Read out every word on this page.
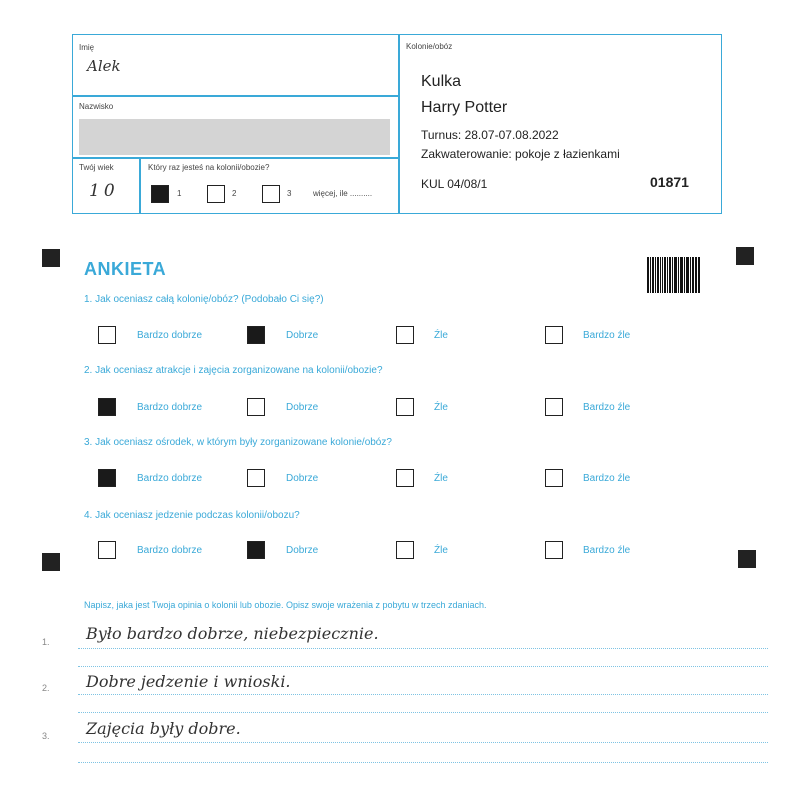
Imię
Alek
Nazwisko
Twój wiek
10
Który raz jesteś na kolonii/obozie?
1	2	3	więcej, ile ..........
Kolonie/obóz
Kulka
Harry Potter
Turnus: 28.07-07.08.2022
Zakwaterowanie: pokoje z łazienkami
KUL 04/08/1	01871
ANKIETA
1. Jak oceniasz całą kolonię/obóz? (Podobało Ci się?)
2. Jak oceniasz atrakcje i zajęcia zorganizowane na kolonii/obozie?
3. Jak oceniasz ośrodek, w którym były zorganizowane kolonie/obóz?
4. Jak oceniasz jedzenie podczas kolonii/obozu?
Bardzo dobrze	Dobrze	Źle	Bardzo źle
Bardzo dobrze	Dobrze	Źle	Bardzo źle
Bardzo dobrze	Dobrze	Źle	Bardzo źle
Bardzo dobrze	Dobrze	Źle	Bardzo źle
Napisz, jaka jest Twoja opinia o kolonii lub obozie. Opisz swoje wrażenia z pobytu w trzech zdaniach.
1. Było bardzo dobrze, niebezpiecznie.
2. Dobre jedzenie i wnioski.
3. Zajęcia były dobre.
